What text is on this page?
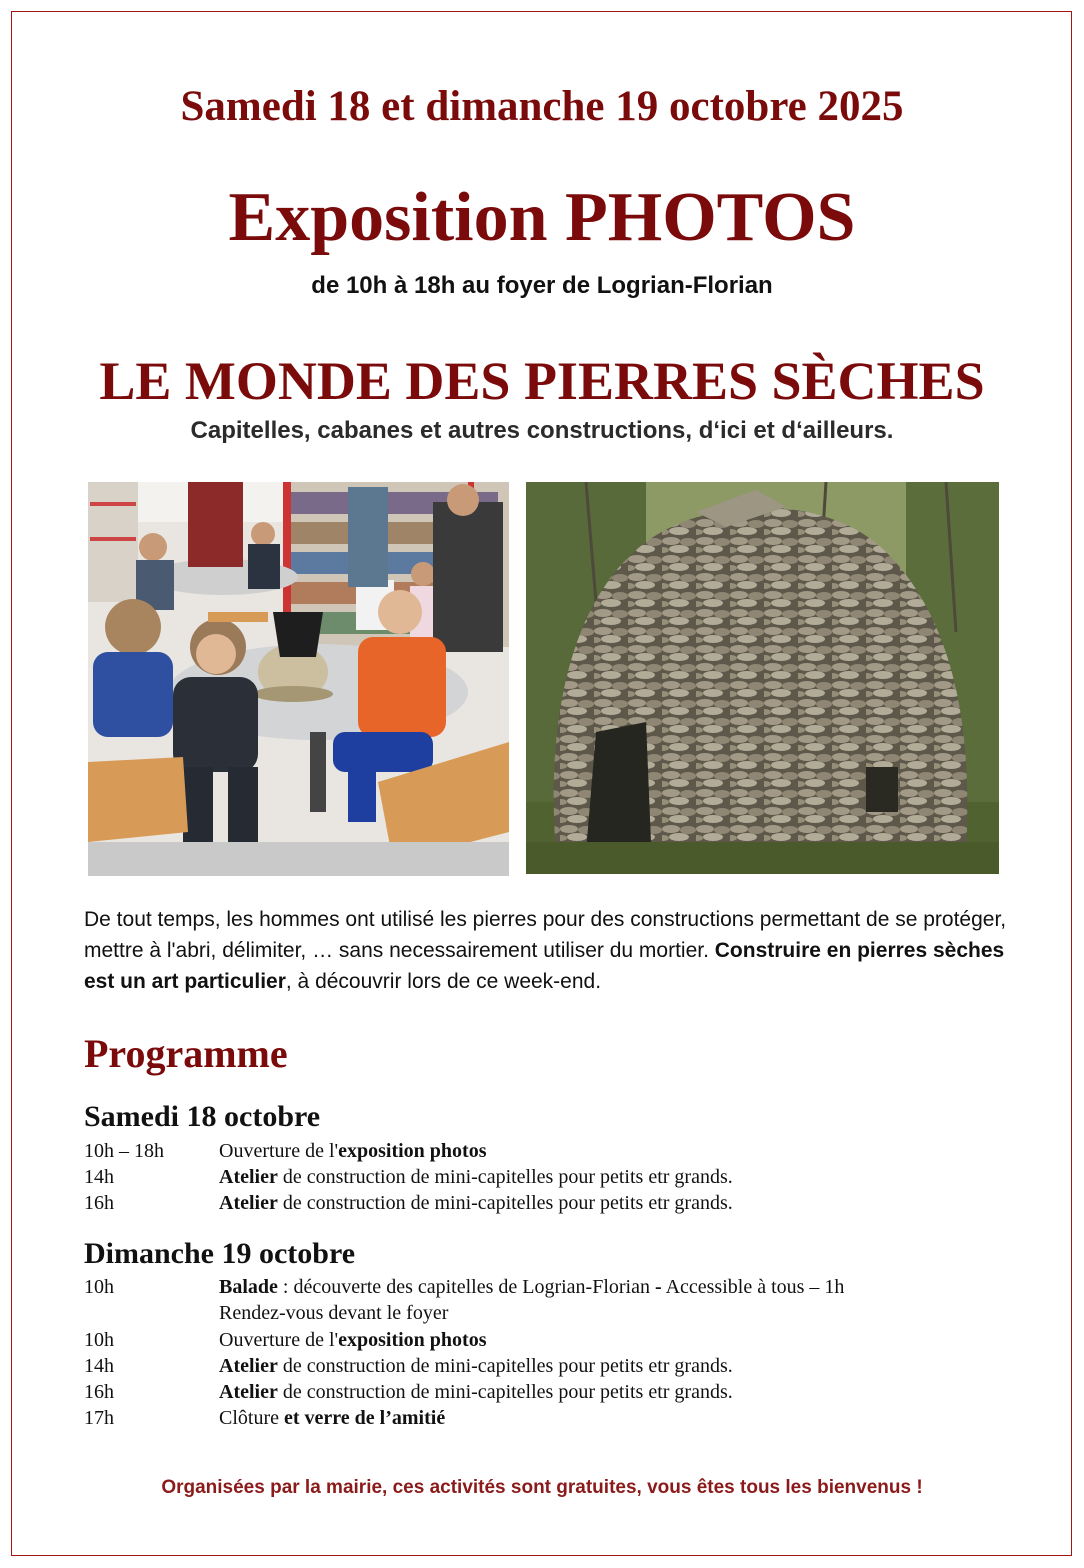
Samedi 18 et dimanche 19 octobre 2025
Exposition PHOTOS
de 10h à 18h au foyer de Logrian-Florian
LE MONDE DES PIERRES SÈCHES
Capitelles, cabanes et autres constructions, d‘ici et d‘ailleurs.
De tout temps, les hommes ont utilisé les pierres pour des constructions permettant de se protéger, mettre à l'abri, délimiter, … sans necessairement utiliser du mortier. Construire en pierres sèches est un art particulier, à découvrir lors de ce week-end.
Programme
Samedi 18 octobre
10h – 18h	Ouverture de l'exposition photos
14h	Atelier de construction de mini-capitelles pour petits etr grands.
16h	Atelier de construction de mini-capitelles pour petits etr grands.
Dimanche 19 octobre
10h	Balade : découverte des capitelles de Logrian-Florian - Accessible à tous – 1h
Rendez-vous devant le foyer
10h	Ouverture de l'exposition photos
14h	Atelier de construction de mini-capitelles pour petits etr grands.
16h	Atelier de construction de mini-capitelles pour petits etr grands.
17h	Clôture et verre de l’amitié
Organisées par la mairie, ces activités sont gratuites, vous êtes tous les bienvenus !
